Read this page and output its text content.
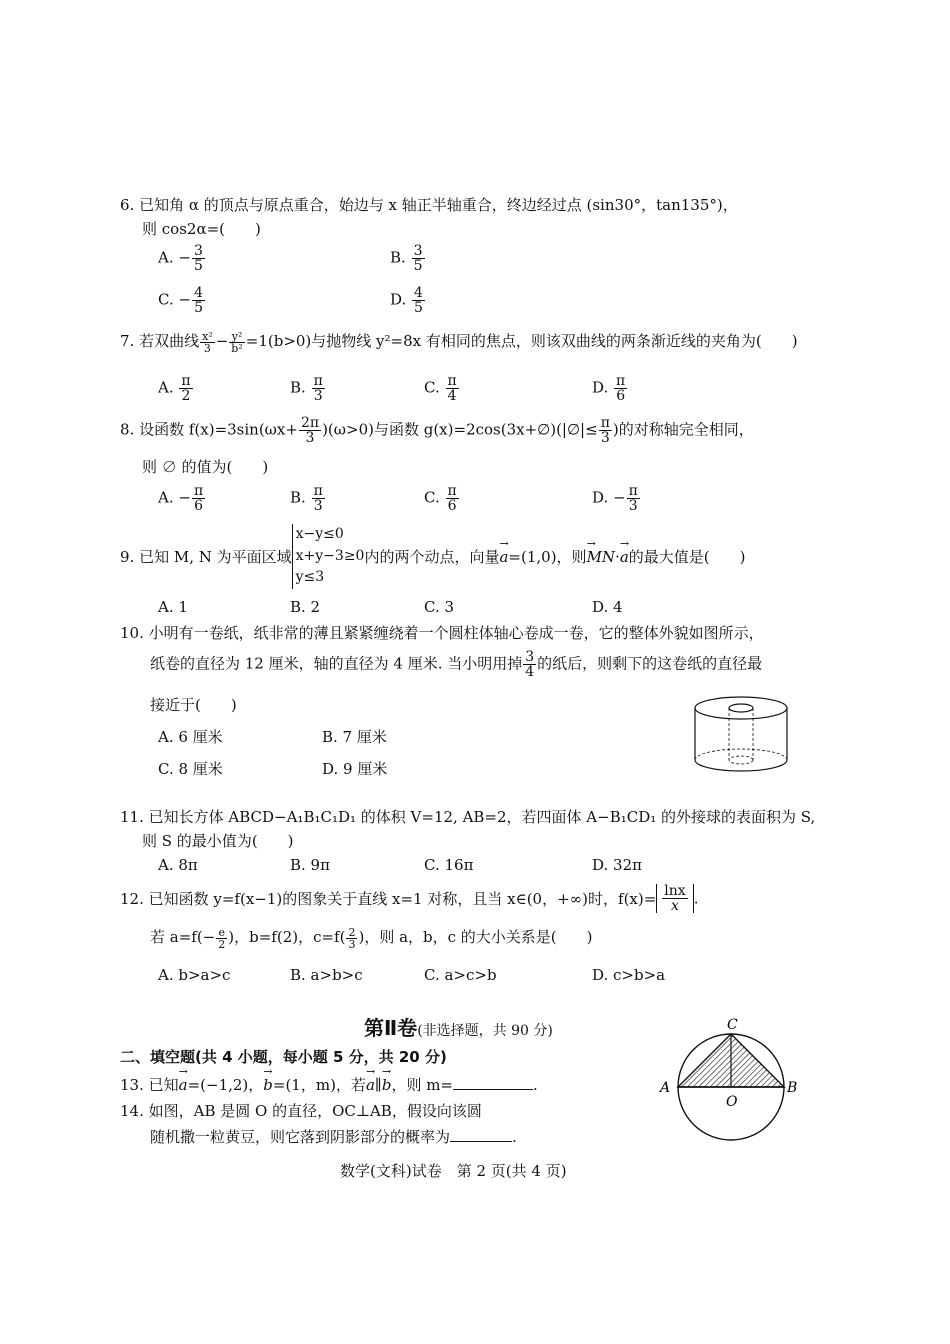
6. 已知角 α 的顶点与原点重合，始边与 x 轴正半轴重合，终边经过点 (sin30°，tan135°)，
则 cos2α=(　　)
A. − $\frac{3}{5}$	B. $\frac{3}{5}$
C. − $\frac{4}{5}$	D. $\frac{4}{5}$
7. 若双曲线 $\frac{\text{x²}}{3} - \frac{\text{y²}}{\text{b²}} =1(b>0)$与抛物线 y²=8x 有相同的焦点，则该双曲线的两条渐近线的夹角为(　　)
A. $\frac{\pi}{2}$	B. $\frac{\pi}{3}$	C. $\frac{\pi}{4}$	D. $\frac{\pi}{6}$
8. 设函数 $f(x)=3\sin(\omega x+ \frac{2\pi}{3} )(\omega>0)$与函数 g(x)=2cos(3x+∅)(|∅|≤ $\frac{\pi}{3}$ )的对称轴完全相同，
则 ∅ 的值为(　　)
A. − $\frac{\pi}{6}$	B. $\frac{\pi}{3}$	C. $\frac{\pi}{6}$	D. − $\frac{\pi}{3}$
9. 已知 M, N 为平面区域
x−y≤0
x+y−3≥0
y≤3
内的两个动点，向量→ a=(1,0)，则→ MN·→ a的最大值是(　　)
A. 1	B. 2	C. 3	D. 4
10. 小明有一卷纸，纸非常的薄且紧紧缠绕着一个圆柱体轴心卷成一卷，它的整体外貌如图所示，
纸卷的直径为 12 厘米，轴的直径为 4 厘米. 当小明用掉 $\frac{3}{4}$ 的纸后，则剩下的这卷纸的直径最
接近于(　　)
A. 6 厘米	B. 7 厘米
C. 8 厘米	D. 9 厘米
11. 已知长方体 ABCD−A₁B₁C₁D₁ 的体积 V=12, AB=2，若四面体 A−B₁CD₁ 的外接球的表面积为 S,
则 S 的最小值为(　　)
A. 8π	B. 9π	C. 16π	D. 32π
12. 已知函数 y=f(x−1)的图象关于直线 x=1 对称，且当 x∈(0，+∞)时，$f(x)= \frac{\ln x}{x}$ .
若 $a=f(- \frac{e}{2}$ )，b=f(2)，$c=f( \frac{2}{3}$ )，则 a，b，c 的大小关系是(　　)
A. b>a>c	B. a>b>c	C. a>c>b	D. c>b>a
第Ⅱ卷(非选择题，共 90 分)
二、填空题(共 4 小题，每小题 5 分，共 20 分)
13. 已知→ a=(−1,2)，→ b=(1，m)，若→ a∥→ b，则 m=	.
14. 如图，AB 是圆 O 的直径，OC⊥AB，假设向该圆
随机撒一粒黄豆，则它落到阴影部分的概率为	.
C
A	B
O
数学(文科)试卷　第 2 页(共 4 页)
